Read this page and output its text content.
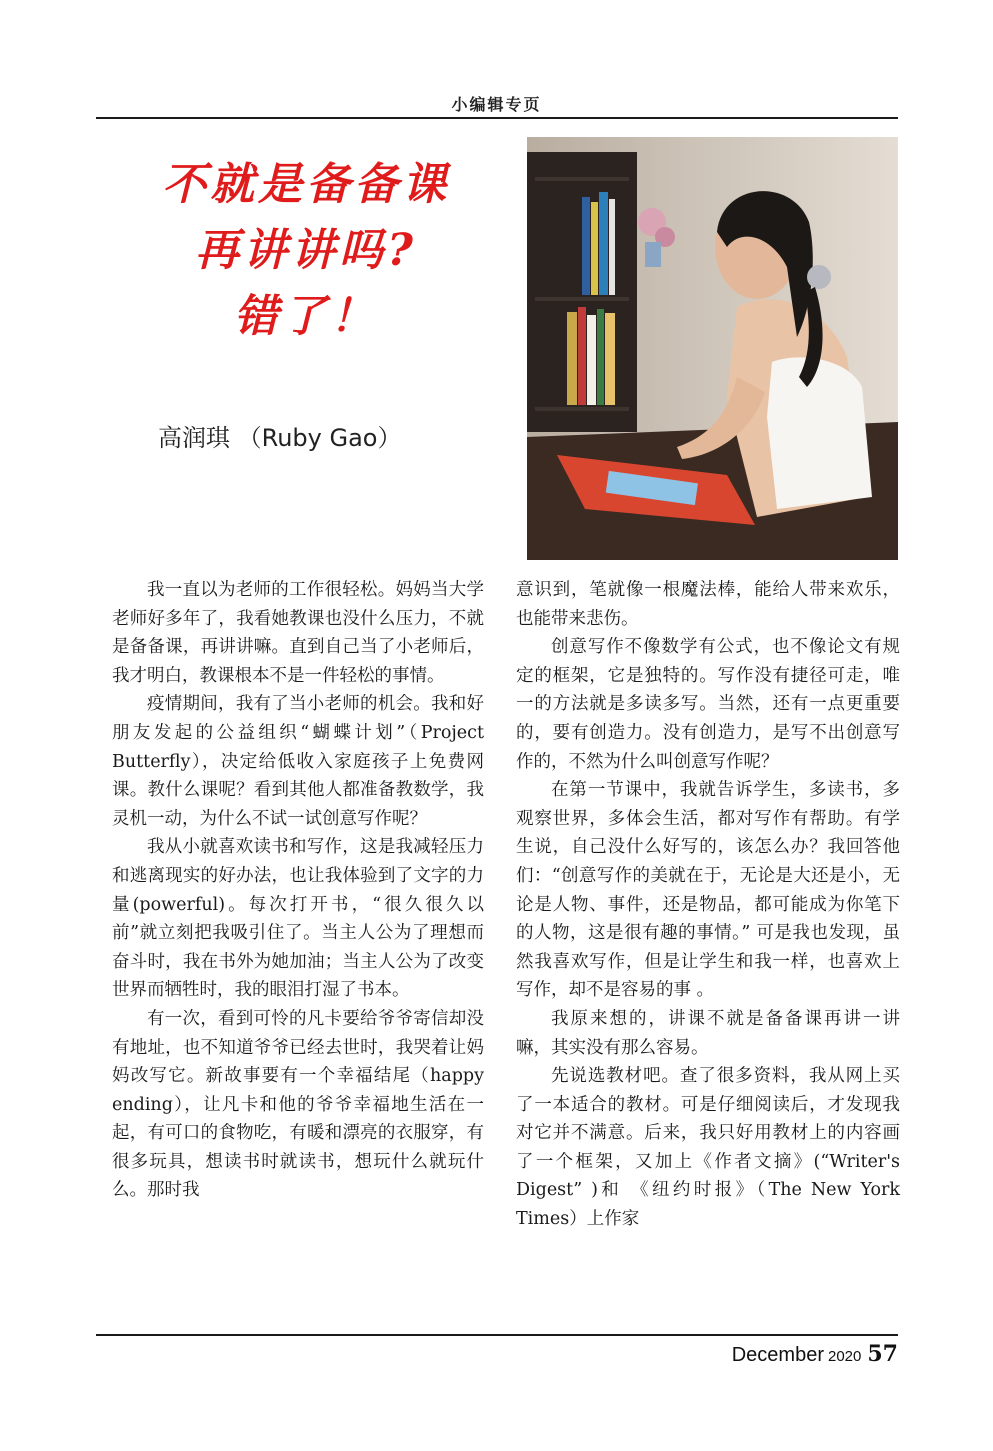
小编辑专页
不就是备备课
再讲讲吗?
错了！
高润琪 （Ruby Gao）

我一直以为老师的工作很轻松。妈妈当大学老师好多年了，我看她教课也没什么压力，不就是备备课，再讲讲嘛。直到自己当了小老师后，我才明白，教课根本不是一件轻松的事情。

疫情期间，我有了当小老师的机会。我和好朋友发起的公益组织“蝴蝶计划”（Project Butterfly），决定给低收入家庭孩子上免费网课。教什么课呢？看到其他人都准备教数学，我灵机一动，为什么不试一试创意写作呢？

我从小就喜欢读书和写作，这是我减轻压力和逃离现实的好办法，也让我体验到了文字的力量(powerful)。每次打开书，“很久很久以前”就立刻把我吸引住了。当主人公为了理想而奋斗时，我在书外为她加油；当主人公为了改变世界而牺牲时，我的眼泪打湿了书本。

有一次，看到可怜的凡卡要给爷爷寄信却没有地址，也不知道爷爷已经去世时，我哭着让妈妈改写它。新故事要有一个幸福结尾（happy ending），让凡卡和他的爷爷幸福地生活在一起，有可口的食物吃，有暖和漂亮的衣服穿，有很多玩具，想读书时就读书，想玩什么就玩什么。那时我

意识到，笔就像一根魔法棒，能给人带来欢乐，也能带来悲伤。

创意写作不像数学有公式，也不像论文有规定的框架，它是独特的。写作没有捷径可走，唯一的方法就是多读多写。当然，还有一点更重要的，要有创造力。没有创造力，是写不出创意写作的，不然为什么叫创意写作呢？

在第一节课中，我就告诉学生，多读书，多观察世界，多体会生活，都对写作有帮助。有学生说，自己没什么好写的，该怎么办？我回答他们：“创意写作的美就在于，无论是大还是小，无论是人物、事件，还是物品，都可能成为你笔下的人物，这是很有趣的事情。” 可是我也发现，虽然我喜欢写作，但是让学生和我一样，也喜欢上写作，却不是容易的事 。

我原来想的，讲课不就是备备课再讲一讲嘛，其实没有那么容易。

先说选教材吧。查了很多资料，我从网上买了一本适合的教材。可是仔细阅读后，才发现我对它并不满意。后来，我只好用教材上的内容画了一个框架，又加上《作者文摘》(“Writer's Digest” )和 《纽约时报》（The New York Times）上作家

December 2020 57
